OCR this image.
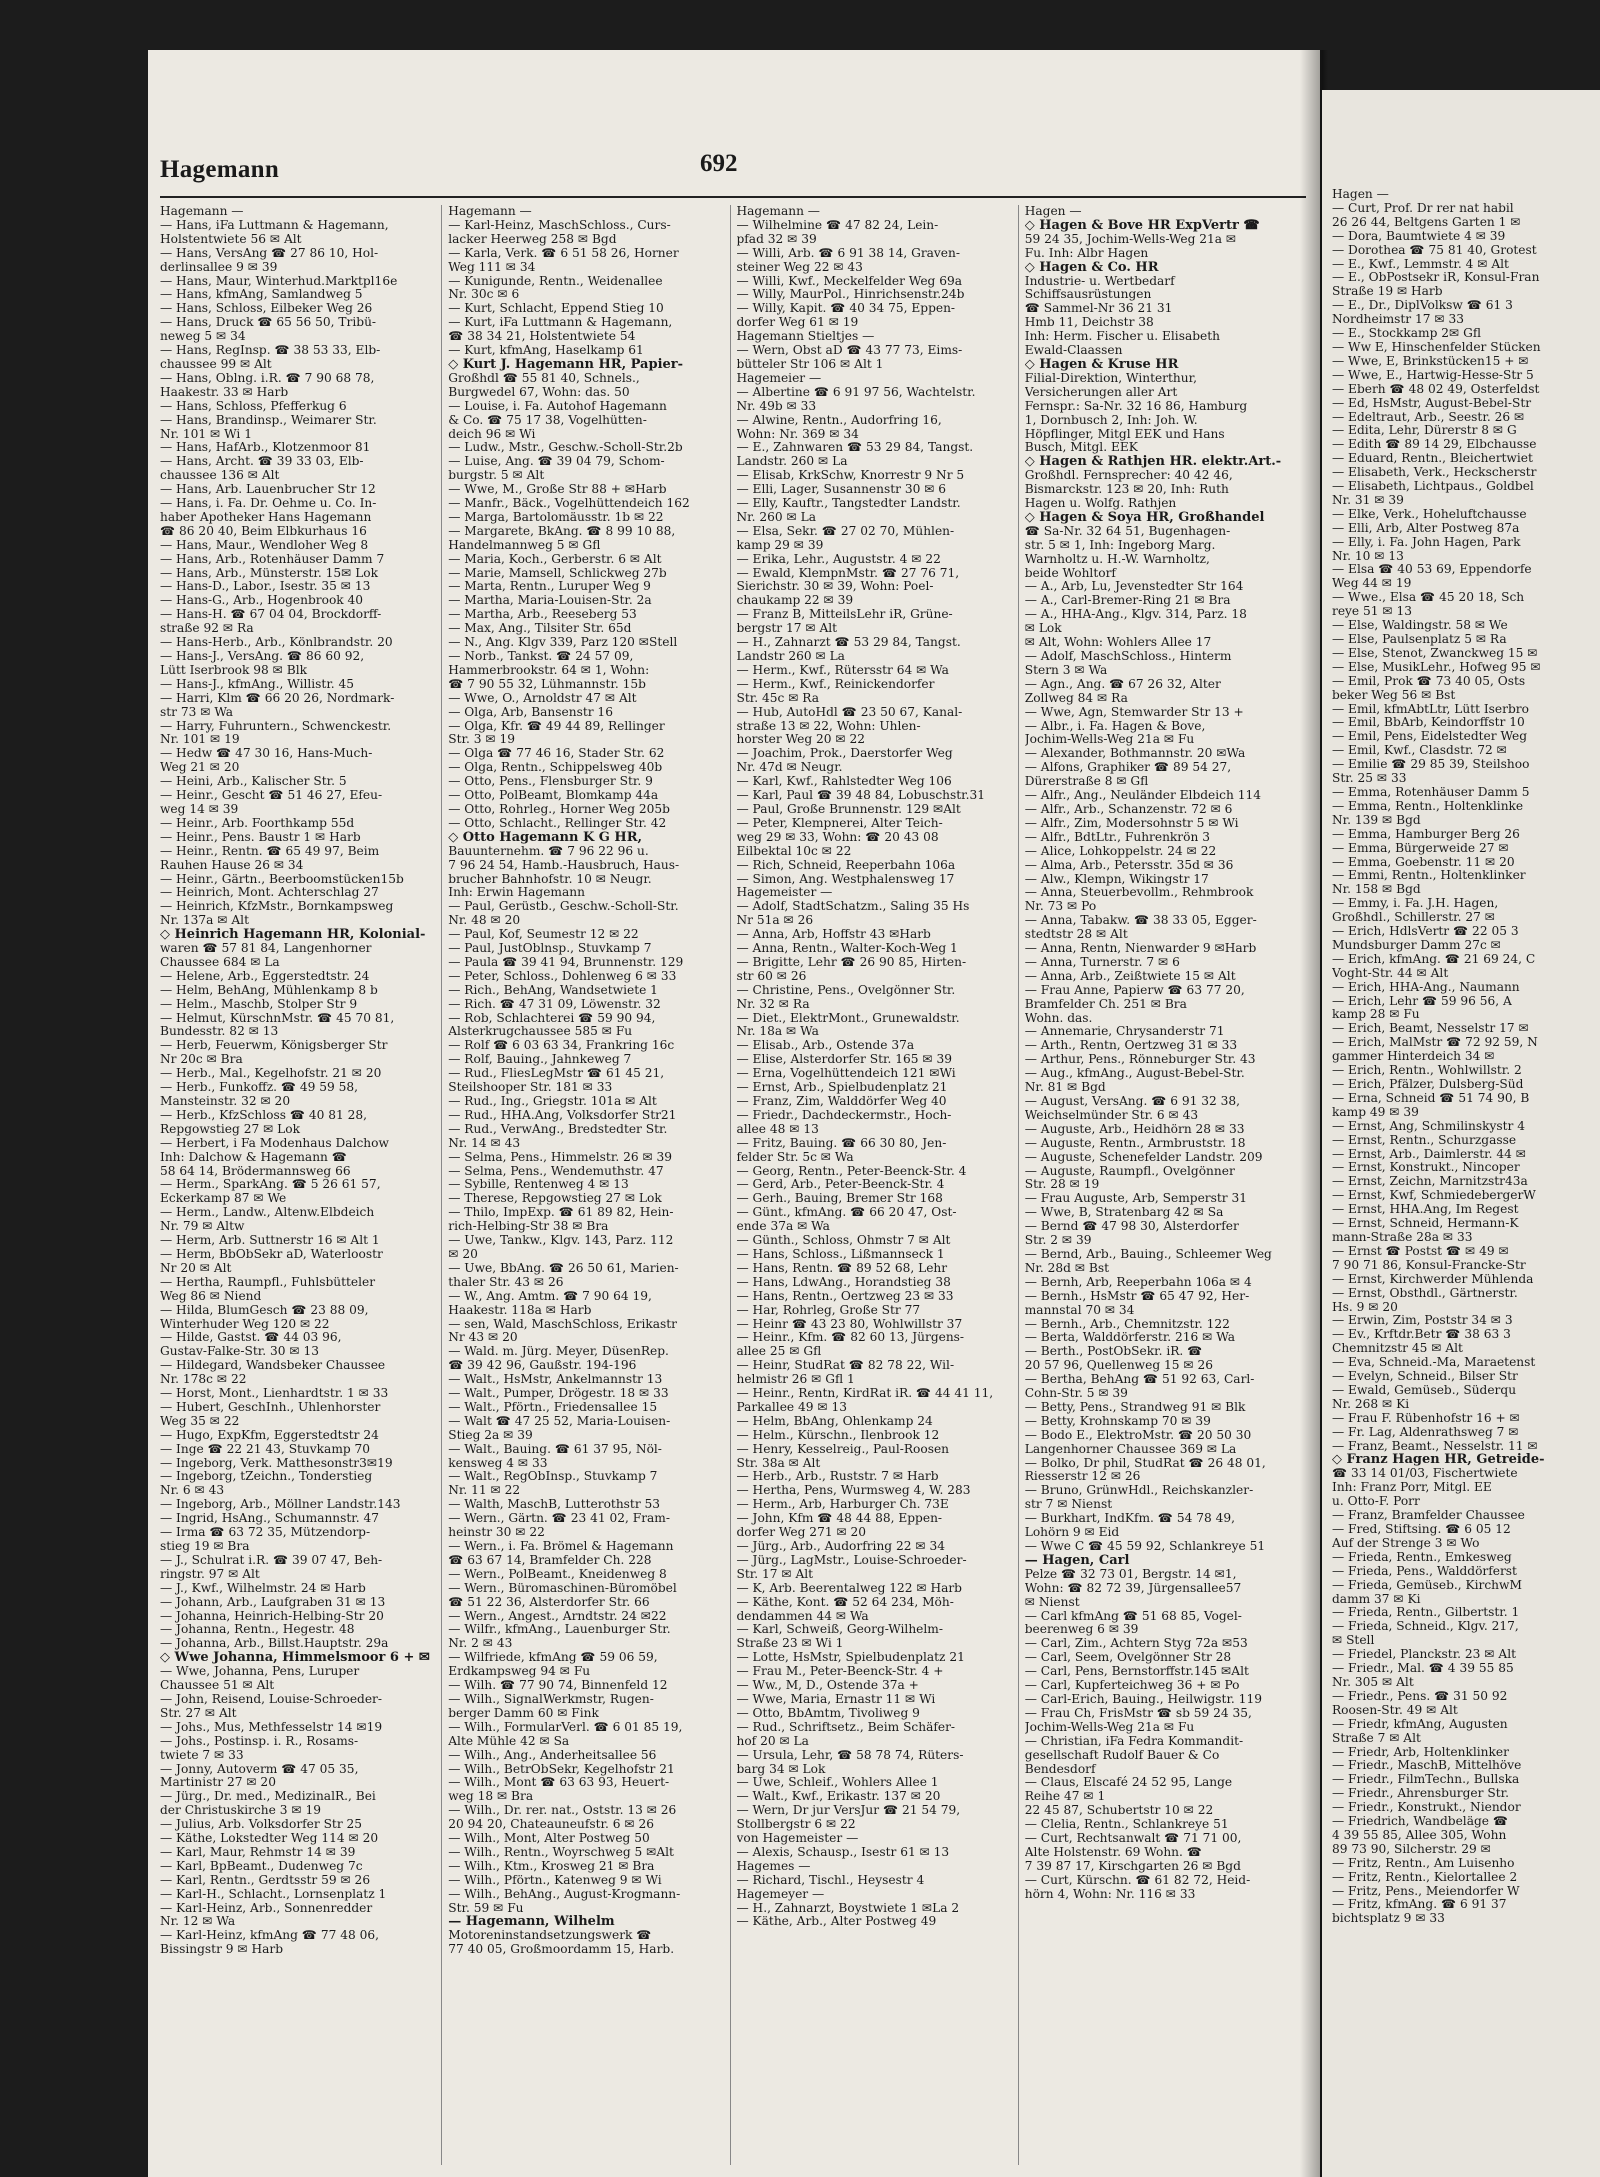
Hagemann	692
Hagemann —
— Hans, iFa Luttmann & Hagemann,
Holstentwiete 56 ✉ Alt
— Hans, VersAng ☎ 27 86 10, Hol-
derlinsallee 9 ✉ 39
— Hans, Maur, Winterhud.Marktpl16e
— Hans, kfmAng, Samlandweg 5
— Hans, Schloss, Eilbeker Weg 26
— Hans, Druck ☎ 65 56 50, Tribü-
neweg 5 ✉ 34
— Hans, RegInsp. ☎ 38 53 33, Elb-
chaussee 99 ✉ Alt
— Hans, Oblng. i.R. ☎ 7 90 68 78,
Haakestr. 33 ✉ Harb
— Hans, Schloss, Pfefferkug 6
— Hans, Brandinsp., Weimarer Str.
Nr. 101 ✉ Wi 1
— Hans, HafArb., Klotzenmoor 81
— Hans, Archt. ☎ 39 33 03, Elb-
chaussee 136 ✉ Alt
— Hans, Arb. Lauenbrucher Str 12
— Hans, i. Fa. Dr. Oehme u. Co. In-
haber Apotheker Hans Hagemann
☎ 86 20 40, Beim Elbkurhaus 16
— Hans, Maur., Wendloher Weg 8
— Hans, Arb., Rotenhäuser Damm 7
— Hans, Arb., Münsterstr. 15✉ Lok
— Hans-D., Labor., Isestr. 35 ✉ 13
— Hans-G., Arb., Hogenbrook 40
— Hans-H. ☎ 67 04 04, Brockdorff-
straße 92 ✉ Ra
— Hans-Herb., Arb., Könlbrandstr. 20
— Hans-J., VersAng. ☎ 86 60 92,
Lütt Iserbrook 98 ✉ Blk
— Hans-J., kfmAng., Willistr. 45
— Harri, Klm ☎ 66 20 26, Nordmark-
str 73 ✉ Wa
— Harry, Fuhruntern., Schwenckestr.
Nr. 101 ✉ 19
— Hedw ☎ 47 30 16, Hans-Much-
Weg 21 ✉ 20
— Heini, Arb., Kalischer Str. 5
— Heinr., Gescht ☎ 51 46 27, Efeu-
weg 14 ✉ 39
— Heinr., Arb. Foorthkamp 55d
— Heinr., Pens. Baustr 1 ✉ Harb
— Heinr., Rentn. ☎ 65 49 97, Beim
Rauhen Hause 26 ✉ 34
— Heinr., Gärtn., Beerboomstücken15b
— Heinrich, Mont. Achterschlag 27
— Heinrich, KfzMstr., Bornkampsweg
Nr. 137a ✉ Alt
◇ Heinrich Hagemann HR, Kolonial-
waren ☎ 57 81 84, Langenhorner
Chaussee 684 ✉ La
— Helene, Arb., Eggerstedtstr. 24
— Helm, BehAng, Mühlenkamp 8 b
— Helm., Maschb, Stolper Str 9
— Helmut, KürschnMstr. ☎ 45 70 81,
Bundesstr. 82 ✉ 13
— Herb, Feuerwm, Königsberger Str
Nr 20c ✉ Bra
— Herb., Mal., Kegelhofstr. 21 ✉ 20
— Herb., Funkoffz. ☎ 49 59 58,
Mansteinstr. 32 ✉ 20
— Herb., KfzSchloss ☎ 40 81 28,
Repgowstieg 27 ✉ Lok
— Herbert, i Fa Modenhaus Dalchow
Inh: Dalchow & Hagemann ☎
58 64 14, Brödermannsweg 66
— Herm., SparkAng. ☎ 5 26 61 57,
Eckerkamp 87 ✉ We
— Herm., Landw., Altenw.Elbdeich
Nr. 79 ✉ Altw
— Herm, Arb. Suttnerstr 16 ✉ Alt 1
— Herm, BbObSekr aD, Waterloostr
Nr 20 ✉ Alt
— Hertha, Raumpfl., Fuhlsbütteler
Weg 86 ✉ Niend
— Hilda, BlumGesch ☎ 23 88 09,
Winterhuder Weg 120 ✉ 22
— Hilde, Gastst. ☎ 44 03 96,
Gustav-Falke-Str. 30 ✉ 13
— Hildegard, Wandsbeker Chaussee
Nr. 178c ✉ 22
— Horst, Mont., Lienhardtstr. 1 ✉ 33
— Hubert, GeschInh., Uhlenhorster
Weg 35 ✉ 22
— Hugo, ExpKfm, Eggerstedtstr 24
— Inge ☎ 22 21 43, Stuvkamp 70
— Ingeborg, Verk. Matthesonstr3✉19
— Ingeborg, tZeichn., Tonderstieg
Nr. 6 ✉ 43
— Ingeborg, Arb., Möllner Landstr.143
— Ingrid, HsAng., Schumannstr. 47
— Irma ☎ 63 72 35, Mützendorp-
stieg 19 ✉ Bra
— J., Schulrat i.R. ☎ 39 07 47, Beh-
ringstr. 97 ✉ Alt
— J., Kwf., Wilhelmstr. 24 ✉ Harb
— Johann, Arb., Laufgraben 31 ✉ 13
— Johanna, Heinrich-Helbing-Str 20
— Johanna, Rentn., Hegestr. 48
— Johanna, Arb., Billst.Hauptstr. 29a
◇ Wwe Johanna, Himmelsmoor 6 + ✉
— Wwe, Johanna, Pens, Luruper
Chaussee 51 ✉ Alt
— John, Reisend, Louise-Schroeder-
Str. 27 ✉ Alt
— Johs., Mus, Methfesselstr 14 ✉19
— Johs., Postinsp. i. R., Rosams-
twiete 7 ✉ 33
— Jonny, Autoverm ☎ 47 05 35,
Martinistr 27 ✉ 20
— Jürg., Dr. med., MedizinalR., Bei
der Christuskirche 3 ✉ 19
— Julius, Arb. Volksdorfer Str 25
— Käthe, Lokstedter Weg 114 ✉ 20
— Karl, Maur, Rehmstr 14 ✉ 39
— Karl, BpBeamt., Dudenweg 7c
— Karl, Rentn., Gerdtsstr 59 ✉ 26
— Karl-H., Schlacht., Lornsenplatz 1
— Karl-Heinz, Arb., Sonnenredder
Nr. 12 ✉ Wa
— Karl-Heinz, kfmAng ☎ 77 48 06,
Bissingstr 9 ✉ Harb
Hagemann —
— Karl-Heinz, MaschSchloss., Curs-
lacker Heerweg 258 ✉ Bgd
— Karla, Verk. ☎ 6 51 58 26, Horner
Weg 111 ✉ 34
— Kunigunde, Rentn., Weidenallee
Nr. 30c ✉ 6
— Kurt, Schlacht, Eppend Stieg 10
— Kurt, iFa Luttmann & Hagemann,
☎ 38 34 21, Holstentwiete 54
— Kurt, kfmAng, Haselkamp 61
◇ Kurt J. Hagemann HR, Papier-
Großhdl ☎ 55 81 40, Schnels.,
Burgwedel 67, Wohn: das. 50
— Louise, i. Fa. Autohof Hagemann
& Co. ☎ 75 17 38, Vogelhütten-
deich 96 ✉ Wi
— Ludw., Mstr., Geschw.-Scholl-Str.2b
— Luise, Ang. ☎ 39 04 79, Schom-
burgstr. 5 ✉ Alt
— Wwe, M., Große Str 88 + ✉Harb
— Manfr., Bäck., Vogelhüttendeich 162
— Marga, Bartolomäusstr. 1b ✉ 22
— Margarete, BkAng. ☎ 8 99 10 88,
Handelmannweg 5 ✉ Gfl
— Maria, Koch., Gerberstr. 6 ✉ Alt
— Marie, Mamsell, Schlickweg 27b
— Marta, Rentn., Luruper Weg 9
— Martha, Maria-Louisen-Str. 2a
— Martha, Arb., Reeseberg 53
— Max, Ang., Tilsiter Str. 65d
— N., Ang. Klgv 339, Parz 120 ✉Stell
— Norb., Tankst. ☎ 24 57 09,
Hammerbrookstr. 64 ✉ 1, Wohn:
☎ 7 90 55 32, Lühmannstr. 15b
— Wwe, O., Arnoldstr 47 ✉ Alt
— Olga, Arb, Bansenstr 16
— Olga, Kfr. ☎ 49 44 89, Rellinger
Str. 3 ✉ 19
— Olga ☎ 77 46 16, Stader Str. 62
— Olga, Rentn., Schippelsweg 40b
— Otto, Pens., Flensburger Str. 9
— Otto, PolBeamt, Blomkamp 44a
— Otto, Rohrleg., Horner Weg 205b
— Otto, Schlacht., Rellinger Str. 42
◇ Otto Hagemann K G HR,
Bauunternehm. ☎ 7 96 22 96 u.
7 96 24 54, Hamb.-Hausbruch, Haus-
brucher Bahnhofstr. 10 ✉ Neugr.
Inh: Erwin Hagemann
— Paul, Gerüstb., Geschw.-Scholl-Str.
Nr. 48 ✉ 20
— Paul, Kof, Seumestr 12 ✉ 22
— Paul, JustOblnsp., Stuvkamp 7
— Paula ☎ 39 41 94, Brunnenstr. 129
— Peter, Schloss., Dohlenweg 6 ✉ 33
— Rich., BehAng, Wandsetwiete 1
— Rich. ☎ 47 31 09, Löwenstr. 32
— Rob, Schlachterei ☎ 59 90 94,
Alsterkrugchaussee 585 ✉ Fu
— Rolf ☎ 6 03 63 34, Frankring 16c
— Rolf, Bauing., Jahnkeweg 7
— Rud., FliesLegMstr ☎ 61 45 21,
Steilshooper Str. 181 ✉ 33
— Rud., Ing., Griegstr. 101a ✉ Alt
— Rud., HHA.Ang, Volksdorfer Str21
— Rud., VerwAng., Bredstedter Str.
Nr. 14 ✉ 43
— Selma, Pens., Himmelstr. 26 ✉ 39
— Selma, Pens., Wendemuthstr. 47
— Sybille, Rentenweg 4 ✉ 13
— Therese, Repgowstieg 27 ✉ Lok
— Thilo, ImpExp. ☎ 61 89 82, Hein-
rich-Helbing-Str 38 ✉ Bra
— Uwe, Tankw., Klgv. 143, Parz. 112
✉ 20
— Uwe, BbAng. ☎ 26 50 61, Marien-
thaler Str. 43 ✉ 26
— W., Ang. Amtm. ☎ 7 90 64 19,
Haakestr. 118a ✉ Harb
— sen, Wald, MaschSchloss, Erikastr
Nr 43 ✉ 20
— Wald. m. Jürg. Meyer, DüsenRep.
☎ 39 42 96, Gaußstr. 194-196
— Walt., HsMstr, Ankelmannstr 13
— Walt., Pumper, Drögestr. 18 ✉ 33
— Walt., Pförtn., Friedensallee 15
— Walt ☎ 47 25 52, Maria-Louisen-
Stieg 2a ✉ 39
— Walt., Bauing. ☎ 61 37 95, Nöl-
kensweg 4 ✉ 33
— Walt., RegObInsp., Stuvkamp 7
Nr. 11 ✉ 22
— Walth, MaschB, Lutterothstr 53
— Wern., Gärtn. ☎ 23 41 02, Fram-
heinstr 30 ✉ 22
— Wern., i. Fa. Brömel & Hagemann
☎ 63 67 14, Bramfelder Ch. 228
— Wern., PolBeamt., Kneidenweg 8
— Wern., Büromaschinen-Büromöbel
☎ 51 22 36, Alsterdorfer Str. 66
— Wern., Angest., Arndtstr. 24 ✉22
— Wilfr., kfmAng., Lauenburger Str.
Nr. 2 ✉ 43
— Wilfriede, kfmAng ☎ 59 06 59,
Erdkampsweg 94 ✉ Fu
— Wilh. ☎ 77 90 74, Binnenfeld 12
— Wilh., SignalWerkmstr, Rugen-
berger Damm 60 ✉ Fink
— Wilh., FormularVerl. ☎ 6 01 85 19,
Alte Mühle 42 ✉ Sa
— Wilh., Ang., Anderheitsallee 56
— Wilh., BetrObSekr, Kegelhofstr 21
— Wilh., Mont ☎ 63 63 93, Heuert-
weg 18 ✉ Bra
— Wilh., Dr. rer. nat., Oststr. 13 ✉ 26
20 94 20, Chateauneufstr. 6 ✉ 26
— Wilh., Mont, Alter Postweg 50
— Wilh., Rentn., Woyrschweg 5 ✉Alt
— Wilh., Ktm., Krosweg 21 ✉ Bra
— Wilh., Pförtn., Katenweg 9 ✉ Wi
— Wilh., BehAng., August-Krogmann-
Str. 59 ✉ Fu
— Hagemann, Wilhelm
Motoreninstandsetzungswerk ☎
77 40 05, Großmoordamm 15, Harb.
Hagemann —
— Wilhelmine ☎ 47 82 24, Lein-
pfad 32 ✉ 39
— Willi, Arb. ☎ 6 91 38 14, Graven-
steiner Weg 22 ✉ 43
— Willi, Kwf., Meckelfelder Weg 69a
— Willy, MaurPol., Hinrichsenstr.24b
— Willy, Kapit. ☎ 40 34 75, Eppen-
dorfer Weg 61 ✉ 19
Hagemann Stieltjes —
— Wern, Obst aD ☎ 43 77 73, Eims-
bütteler Str 106 ✉ Alt 1
Hagemeier —
— Albertine ☎ 6 91 97 56, Wachtelstr.
Nr. 49b ✉ 33
— Alwine, Rentn., Audorfring 16,
Wohn: Nr. 369 ✉ 34
— E., Zahnwaren ☎ 53 29 84, Tangst.
Landstr. 260 ✉ La
— Elisab, KrkSchw, Knorrestr 9 Nr 5
— Elli, Lager, Susannenstr 30 ✉ 6
— Elly, Kauftr., Tangstedter Landstr.
Nr. 260 ✉ La
— Elsa, Sekr. ☎ 27 02 70, Mühlen-
kamp 29 ✉ 39
— Erika, Lehr., Auguststr. 4 ✉ 22
— Ewald, KlempnMstr. ☎ 27 76 71,
Sierichstr. 30 ✉ 39, Wohn: Poel-
chaukamp 22 ✉ 39
— Franz B, MitteilsLehr iR, Grüne-
bergstr 17 ✉ Alt
— H., Zahnarzt ☎ 53 29 84, Tangst.
Landstr 260 ✉ La
— Herm., Kwf., Rütersstr 64 ✉ Wa
— Herm., Kwf., Reinickendorfer
Str. 45c ✉ Ra
— Hub, AutoHdl ☎ 23 50 67, Kanal-
straße 13 ✉ 22, Wohn: Uhlen-
horster Weg 20 ✉ 22
— Joachim, Prok., Daerstorfer Weg
Nr. 47d ✉ Neugr.
— Karl, Kwf., Rahlstedter Weg 106
— Karl, Paul ☎ 39 48 84, Lobuschstr.31
— Paul, Große Brunnenstr. 129 ✉Alt
— Peter, Klempnerei, Alter Teich-
weg 29 ✉ 33, Wohn: ☎ 20 43 08
Eilbektal 10c ✉ 22
— Rich, Schneid, Reeperbahn 106a
— Simon, Ang. Westphalensweg 17
Hagemeister —
— Adolf, StadtSchatzm., Saling 35 Hs
Nr 51a ✉ 26
— Anna, Arb, Hoffstr 43 ✉Harb
— Anna, Rentn., Walter-Koch-Weg 1
— Brigitte, Lehr ☎ 26 90 85, Hirten-
str 60 ✉ 26
— Christine, Pens., Ovelgönner Str.
Nr. 32 ✉ Ra
— Diet., ElektrMont., Grunewaldstr.
Nr. 18a ✉ Wa
— Elisab., Arb., Ostende 37a
— Elise, Alsterdorfer Str. 165 ✉ 39
— Erna, Vogelhüttendeich 121 ✉Wi
— Ernst, Arb., Spielbudenplatz 21
— Franz, Zim, Walddörfer Weg 40
— Friedr., Dachdeckermstr., Hoch-
allee 48 ✉ 13
— Fritz, Bauing. ☎ 66 30 80, Jen-
felder Str. 5c ✉ Wa
— Georg, Rentn., Peter-Beenck-Str. 4
— Gerd, Arb., Peter-Beenck-Str. 4
— Gerh., Bauing, Bremer Str 168
— Günt., kfmAng. ☎ 66 20 47, Ost-
ende 37a ✉ Wa
— Günth., Schloss, Ohmstr 7 ✉ Alt
— Hans, Schloss., Lißmannseck 1
— Hans, Rentn. ☎ 89 52 68, Lehr
— Hans, LdwAng., Horandstieg 38
— Hans, Rentn., Oertzweg 23 ✉ 33
— Har, Rohrleg, Große Str 77
— Heinr ☎ 43 23 80, Wohlwillstr 37
— Heinr., Kfm. ☎ 82 60 13, Jürgens-
allee 25 ✉ Gfl
— Heinr, StudRat ☎ 82 78 22, Wil-
helmistr 26 ✉ Gfl 1
— Heinr., Rentn, KirdRat iR. ☎ 44 41 11,
Parkallee 49 ✉ 13
— Helm, BbAng, Ohlenkamp 24
— Helm., Kürschn., Ilenbrook 12
— Henry, Kesselreig., Paul-Roosen
Str. 38a ✉ Alt
— Herb., Arb., Ruststr. 7 ✉ Harb
— Hertha, Pens, Wurmsweg 4, W. 283
— Herm., Arb, Harburger Ch. 73E
— John, Kfm ☎ 48 44 88, Eppen-
dorfer Weg 271 ✉ 20
— Jürg., Arb., Audorfring 22 ✉ 34
— Jürg., LagMstr., Louise-Schroeder-
Str. 17 ✉ Alt
— K, Arb. Beerentalweg 122 ✉ Harb
— Käthe, Kont. ☎ 52 64 234, Möh-
dendammen 44 ✉ Wa
— Karl, Schweiß, Georg-Wilhelm-
Straße 23 ✉ Wi 1
— Lotte, HsMstr, Spielbudenplatz 21
— Frau M., Peter-Beenck-Str. 4 +
— Ww., M, D., Ostende 37a +
— Wwe, Maria, Ernastr 11 ✉ Wi
— Otto, BbAmtm, Tivoliweg 9
— Rud., Schriftsetz., Beim Schäfer-
hof 20 ✉ La
— Ursula, Lehr, ☎ 58 78 74, Rüters-
barg 34 ✉ Lok
— Uwe, Schleif., Wohlers Allee 1
— Walt., Kwf., Erikastr. 137 ✉ 20
— Wern, Dr jur VersJur ☎ 21 54 79,
Stollbergstr 6 ✉ 22
von Hagemeister —
— Alexis, Schausp., Isestr 61 ✉ 13
Hagemes —
— Richard, Tischl., Heysestr 4
Hagemeyer —
— H., Zahnarzt, Boystwiete 1 ✉La 2
— Käthe, Arb., Alter Postweg 49
Hagen —
◇ Hagen & Bove HR ExpVertr ☎
59 24 35, Jochim-Wells-Weg 21a ✉
Fu. Inh: Albr Hagen
◇ Hagen & Co. HR
Industrie- u. Wertbedarf
Schiffsausrüstungen
☎ Sammel-Nr 36 21 31
Hmb 11, Deichstr 38
Inh: Herm. Fischer u. Elisabeth
Ewald-Claassen
◇ Hagen & Kruse HR
Filial-Direktion, Winterthur,
Versicherungen aller Art
Fernspr.: Sa-Nr. 32 16 86, Hamburg
1, Dornbusch 2, Inh: Joh. W.
Höpflinger, Mitgl EEK und Hans
Busch, Mitgl. EEK
◇ Hagen & Rathjen HR. elektr.Art.-
Großhdl. Fernsprecher: 40 42 46,
Bismarckstr. 123 ✉ 20, Inh: Ruth
Hagen u. Wolfg. Rathjen
◇ Hagen & Soya HR, Großhandel
☎ Sa-Nr. 32 64 51, Bugenhagen-
str. 5 ✉ 1, Inh: Ingeborg Marg.
Warnholtz u. H.-W. Warnholtz,
beide Wohltorf
— A., Arb, Lu, Jevenstedter Str 164
— A., Carl-Bremer-Ring 21 ✉ Bra
— A., HHA-Ang., Klgv. 314, Parz. 18
✉ Lok
✉ Alt, Wohn: Wohlers Allee 17
— Adolf, MaschSchloss., Hinterm
Stern 3 ✉ Wa
— Agn., Ang. ☎ 67 26 32, Alter
Zollweg 84 ✉ Ra
— Wwe, Agn, Stemwarder Str 13 +
— Albr., i. Fa. Hagen & Bove,
Jochim-Wells-Weg 21a ✉ Fu
— Alexander, Bothmannstr. 20 ✉Wa
— Alfons, Graphiker ☎ 89 54 27,
Dürerstraße 8 ✉ Gfl
— Alfr., Ang., Neuländer Elbdeich 114
— Alfr., Arb., Schanzenstr. 72 ✉ 6
— Alfr., Zim, Modersohnstr 5 ✉ Wi
— Alfr., BdtLtr., Fuhrenkrön 3
— Alice, Lohkoppelstr. 24 ✉ 22
— Alma, Arb., Petersstr. 35d ✉ 36
— Alw., Klempn, Wikingstr 17
— Anna, Steuerbevollm., Rehmbrook
Nr. 73 ✉ Po
— Anna, Tabakw. ☎ 38 33 05, Egger-
stedtstr 28 ✉ Alt
— Anna, Rentn, Nienwarder 9 ✉Harb
— Anna, Turnerstr. 7 ✉ 6
— Anna, Arb., Zeißtwiete 15 ✉ Alt
— Frau Anne, Papierw ☎ 63 77 20,
Bramfelder Ch. 251 ✉ Bra
Wohn. das.
— Annemarie, Chrysanderstr 71
— Arth., Rentn, Oertzweg 31 ✉ 33
— Arthur, Pens., Rönneburger Str. 43
— Aug., kfmAng., August-Bebel-Str.
Nr. 81 ✉ Bgd
— August, VersAng. ☎ 6 91 32 38,
Weichselmünder Str. 6 ✉ 43
— Auguste, Arb., Heidhörn 28 ✉ 33
— Auguste, Rentn., Armbruststr. 18
— Auguste, Schenefelder Landstr. 209
— Auguste, Raumpfl., Ovelgönner
Str. 28 ✉ 19
— Frau Auguste, Arb, Semperstr 31
— Wwe, B, Stratenbarg 42 ✉ Sa
— Bernd ☎ 47 98 30, Alsterdorfer
Str. 2 ✉ 39
— Bernd, Arb., Bauing., Schleemer Weg
Nr. 28d ✉ Bst
— Bernh, Arb, Reeperbahn 106a ✉ 4
— Bernh., HsMstr ☎ 65 47 92, Her-
mannstal 70 ✉ 34
— Bernh., Arb., Chemnitzstr. 122
— Berta, Walddörferstr. 216 ✉ Wa
— Berth., PostObSekr. iR. ☎
20 57 96, Quellenweg 15 ✉ 26
— Bertha, BehAng ☎ 51 92 63, Carl-
Cohn-Str. 5 ✉ 39
— Betty, Pens., Strandweg 91 ✉ Blk
— Betty, Krohnskamp 70 ✉ 39
— Bodo E., ElektroMstr. ☎ 20 50 30
Langenhorner Chaussee 369 ✉ La
— Bolko, Dr phil, StudRat ☎ 26 48 01,
Riesserstr 12 ✉ 26
— Bruno, GrünwHdl., Reichskanzler-
str 7 ✉ Nienst
— Burkhart, IndKfm. ☎ 54 78 49,
Lohörn 9 ✉ Eid
— Wwe C ☎ 45 59 92, Schlankreye 51
— Hagen, Carl
Pelze ☎ 32 73 01, Bergstr. 14 ✉1,
Wohn: ☎ 82 72 39, Jürgensallee57
✉ Nienst
— Carl kfmAng ☎ 51 68 85, Vogel-
beerenweg 6 ✉ 39
— Carl, Zim., Achtern Styg 72a ✉53
— Carl, Seem, Ovelgönner Str 28
— Carl, Pens, Bernstorffstr.145 ✉Alt
— Carl, Kupferteichweg 36 + ✉ Po
— Carl-Erich, Bauing., Heilwigstr. 119
— Frau Ch, FrisMstr ☎ sb 59 24 35,
Jochim-Wells-Weg 21a ✉ Fu
— Christian, iFa Fedra Kommandit-
gesellschaft Rudolf Bauer & Co
Bendesdorf
— Claus, Elscafé 24 52 95, Lange
Reihe 47 ✉ 1
22 45 87, Schubertstr 10 ✉ 22
— Clelia, Rentn., Schlankreye 51
— Curt, Rechtsanwalt ☎ 71 71 00,
Alte Holstenstr. 69 Wohn. ☎
7 39 87 17, Kirschgarten 26 ✉ Bgd
— Curt, Kürschn. ☎ 61 82 72, Heid-
hörn 4, Wohn: Nr. 116 ✉ 33
Hagen —
— Curt, Prof. Dr rer nat habil
26 26 44, Beltgens Garten 1 ✉
— Dora, Baumtwiete 4 ✉ 39
— Dorothea ☎ 75 81 40, Grotest
— E., Kwf., Lemmstr. 4 ✉ Alt
— E., ObPostsekr iR, Konsul-Fran
Straße 19 ✉ Harb
— E., Dr., DiplVolksw ☎ 61 3
Nordheimstr 17 ✉ 33
— E., Stockkamp 2✉ Gfl
— Ww E, Hinschenfelder Stücken
— Wwe, E, Brinkstücken15 + ✉
— Wwe, E., Hartwig-Hesse-Str 5
— Eberh ☎ 48 02 49, Osterfeldst
— Ed, HsMstr, August-Bebel-Str
— Edeltraut, Arb., Seestr. 26 ✉
— Edita, Lehr, Dürerstr 8 ✉ G
— Edith ☎ 89 14 29, Elbchausse
— Eduard, Rentn., Bleichertwiet
— Elisabeth, Verk., Heckscherstr
— Elisabeth, Lichtpaus., Goldbel
Nr. 31 ✉ 39
— Elke, Verk., Hoheluftchausse
— Elli, Arb, Alter Postweg 87a
— Elly, i. Fa. John Hagen, Park
Nr. 10 ✉ 13
— Elsa ☎ 40 53 69, Eppendorfe
Weg 44 ✉ 19
— Wwe., Elsa ☎ 45 20 18, Sch
reye 51 ✉ 13
— Else, Waldingstr. 58 ✉ We
— Else, Paulsenplatz 5 ✉ Ra
— Else, Stenot, Zwanckweg 15 ✉
— Else, MusikLehr., Hofweg 95 ✉
— Emil, Prok ☎ 73 40 05, Osts
beker Weg 56 ✉ Bst
— Emil, kfmAbtLtr, Lütt Iserbro
— Emil, BbArb, Keindorffstr 10
— Emil, Pens, Eidelstedter Weg
— Emil, Kwf., Clasdstr. 72 ✉
— Emilie ☎ 29 85 39, Steilshoo
Str. 25 ✉ 33
— Emma, Rotenhäuser Damm 5
— Emma, Rentn., Holtenklinke
Nr. 139 ✉ Bgd
— Emma, Hamburger Berg 26
— Emma, Bürgerweide 27 ✉
— Emma, Goebenstr. 11 ✉ 20
— Emmi, Rentn., Holtenklinker
Nr. 158 ✉ Bgd
— Emmy, i. Fa. J.H. Hagen,
Großhdl., Schillerstr. 27 ✉
— Erich, HdlsVertr ☎ 22 05 3
Mundsburger Damm 27c ✉
— Erich, kfmAng. ☎ 21 69 24, C
Voght-Str. 44 ✉ Alt
— Erich, HHA-Ang., Naumann
— Erich, Lehr ☎ 59 96 56, A
kamp 28 ✉ Fu
— Erich, Beamt, Nesselstr 17 ✉
— Erich, MalMstr ☎ 72 92 59, N
gammer Hinterdeich 34 ✉
— Erich, Rentn., Wohlwillstr. 2
— Erich, Pfälzer, Dulsberg-Süd
— Erna, Schneid ☎ 51 74 90, B
kamp 49 ✉ 39
— Ernst, Ang, Schmilinskystr 4
— Ernst, Rentn., Schurzgasse
— Ernst, Arb., Daimlerstr. 44 ✉
— Ernst, Konstrukt., Nincoper
— Ernst, Zeichn, Marnitzstr43a
— Ernst, Kwf, SchmiedebergerW
— Ernst, HHA.Ang, Im Regest
— Ernst, Schneid, Hermann-K
mann-Straße 28a ✉ 33
— Ernst ☎ Postst ☎ ✉ 49 ✉
7 90 71 86, Konsul-Francke-Str
— Ernst, Kirchwerder Mühlenda
— Ernst, Obsthdl., Gärtnerstr.
Hs. 9 ✉ 20
— Erwin, Zim, Poststr 34 ✉ 3
— Ev., Krftdr.Betr ☎ 38 63 3
Chemnitzstr 45 ✉ Alt
— Eva, Schneid.-Ma, Maraetenst
— Evelyn, Schneid., Bilser Str
— Ewald, Gemüseb., Süderqu
Nr. 268 ✉ Ki
— Frau F. Rübenhofstr 16 + ✉
— Fr. Lag, Aldenrathsweg 7 ✉
— Franz, Beamt., Nesselstr. 11 ✉
◇ Franz Hagen HR, Getreide-
☎ 33 14 01/03, Fischertwiete
Inh: Franz Porr, Mitgl. EE
u. Otto-F. Porr
— Franz, Bramfelder Chaussee
— Fred, Stiftsing. ☎ 6 05 12
Auf der Strenge 3 ✉ Wo
— Frieda, Rentn., Emkesweg
— Frieda, Pens., Walddörferst
— Frieda, Gemüseb., KirchwM
damm 37 ✉ Ki
— Frieda, Rentn., Gilbertstr. 1
— Frieda, Schneid., Klgv. 217,
✉ Stell
— Friedel, Planckstr. 23 ✉ Alt
— Friedr., Mal. ☎ 4 39 55 85
Nr. 305 ✉ Alt
— Friedr., Pens. ☎ 31 50 92
Roosen-Str. 49 ✉ Alt
— Friedr, kfmAng, Augusten
Straße 7 ✉ Alt
— Friedr, Arb, Holtenklinker
— Friedr., MaschB, Mittelhöve
— Friedr., FilmTechn., Bullska
— Friedr., Ahrensburger Str.
— Friedr., Konstrukt., Niendor
— Friedrich, Wandbeläge ☎
4 39 55 85, Allee 305, Wohn
89 73 90, Silcherstr. 29 ✉
— Fritz, Rentn., Am Luisenho
— Fritz, Rentn., Kielortallee 2
— Fritz, Pens., Meiendorfer W
— Fritz, kfmAng. ☎ 6 91 37
bichtsplatz 9 ✉ 33
